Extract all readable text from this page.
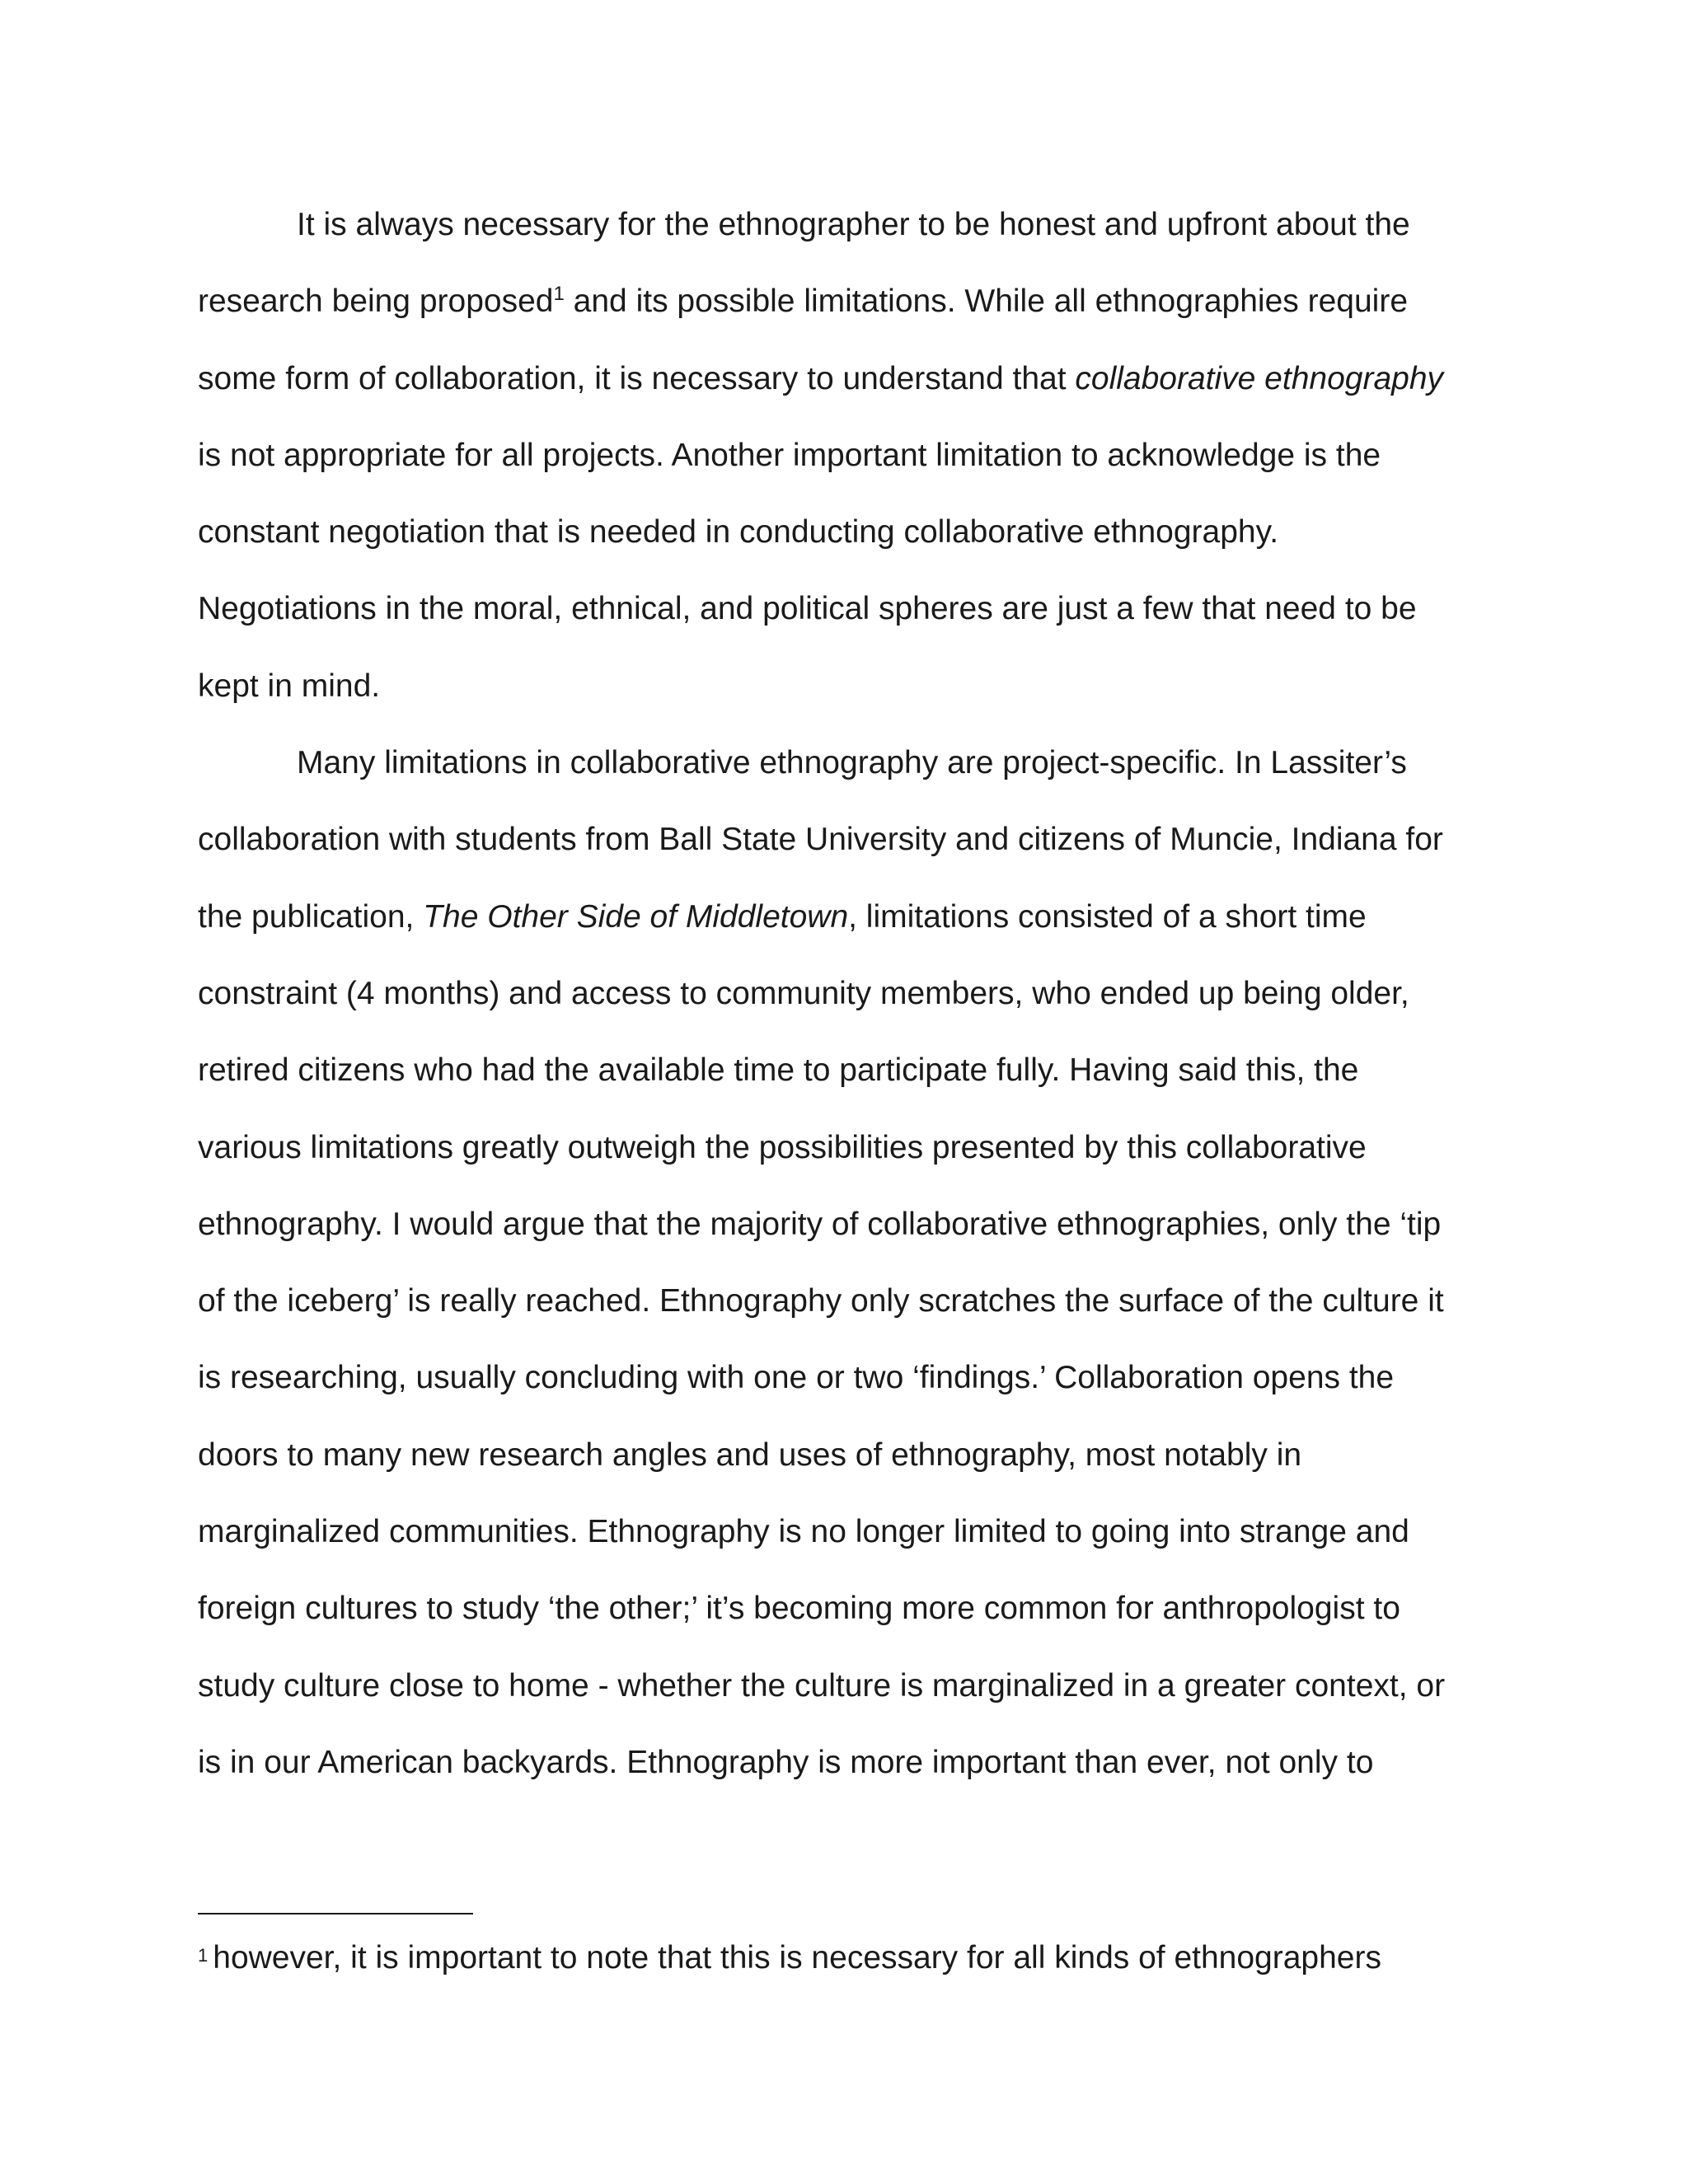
It is always necessary for the ethnographer to be honest and upfront about the
research being proposed$^1$ and its possible limitations. While all ethnographies require
some form of collaboration, it is necessary to understand that collaborative ethnography
is not appropriate for all projects. Another important limitation to acknowledge is the
constant negotiation that is needed in conducting collaborative ethnography.
Negotiations in the moral, ethnical, and political spheres are just a few that need to be
kept in mind.

Many limitations in collaborative ethnography are project-specific. In Lassiter’s
collaboration with students from Ball State University and citizens of Muncie, Indiana for
the publication, The Other Side of Middletown, limitations consisted of a short time
constraint (4 months) and access to community members, who ended up being older,
retired citizens who had the available time to participate fully. Having said this, the
various limitations greatly outweigh the possibilities presented by this collaborative
ethnography. I would argue that the majority of collaborative ethnographies, only the ‘tip
of the iceberg’ is really reached. Ethnography only scratches the surface of the culture it
is researching, usually concluding with one or two ‘findings.’ Collaboration opens the
doors to many new research angles and uses of ethnography, most notably in
marginalized communities. Ethnography is no longer limited to going into strange and
foreign cultures to study ‘the other;’ it’s becoming more common for anthropologist to
study culture close to home - whether the culture is marginalized in a greater context, or
is in our American backyards. Ethnography is more important than ever, not only to

$^1$ however, it is important to note that this is necessary for all kinds of ethnographers
